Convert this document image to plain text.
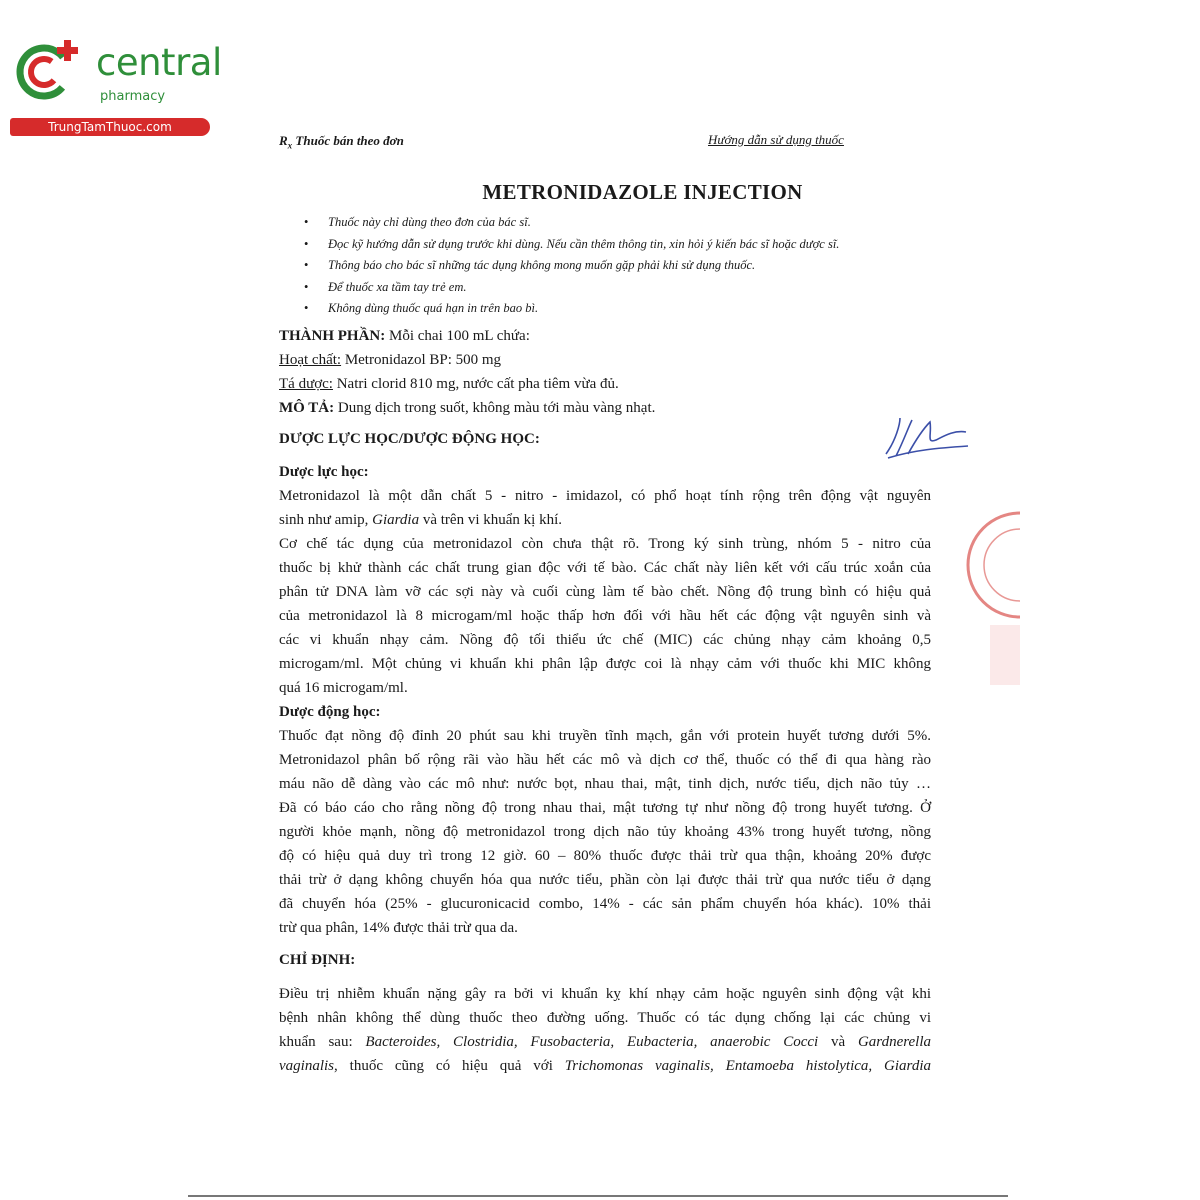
central
pharmacy
TrungTamThuoc.com
$R_x$ Thuốc bán theo đơn	Hướng dẫn sử dụng thuốc
METRONIDAZOLE INJECTION
• Thuốc này chỉ dùng theo đơn của bác sĩ.
• Đọc kỹ hướng dẫn sử dụng trước khi dùng. Nếu cần thêm thông tin, xin hỏi ý kiến bác sĩ hoặc dược sĩ.
• Thông báo cho bác sĩ những tác dụng không mong muốn gặp phải khi sử dụng thuốc.
• Để thuốc xa tầm tay trẻ em.
• Không dùng thuốc quá hạn in trên bao bì.
THÀNH PHẦN: Mỗi chai 100 mL chứa:
Hoạt chất: Metronidazol BP: 500 mg
Tá dược: Natri clorid 810 mg, nước cất pha tiêm vừa đủ.
MÔ TẢ: Dung dịch trong suốt, không màu tới màu vàng nhạt.
DƯỢC LỰC HỌC/DƯỢC ĐỘNG HỌC:
Dược lực học:
Metronidazol là một dẫn chất 5 - nitro - imidazol, có phổ hoạt tính rộng trên động vật nguyên
sinh như amip, Giardia và trên vi khuẩn kị khí.
Cơ chế tác dụng của metronidazol còn chưa thật rõ. Trong ký sinh trùng, nhóm 5 - nitro của
thuốc bị khử thành các chất trung gian độc với tế bào. Các chất này liên kết với cấu trúc xoắn của
phân tử DNA làm vỡ các sợi này và cuối cùng làm tế bào chết. Nồng độ trung bình có hiệu quả
của metronidazol là 8 microgam/ml hoặc thấp hơn đối với hầu hết các động vật nguyên sinh và
các vi khuẩn nhạy cảm. Nồng độ tối thiểu ức chế (MIC) các chủng nhạy cảm khoảng 0,5
microgam/ml. Một chủng vi khuẩn khi phân lập được coi là nhạy cảm với thuốc khi MIC không
quá 16 microgam/ml.
Dược động học:
Thuốc đạt nồng độ đỉnh 20 phút sau khi truyền tĩnh mạch, gắn với protein huyết tương dưới 5%.
Metronidazol phân bố rộng rãi vào hầu hết các mô và dịch cơ thể, thuốc có thể đi qua hàng rào
máu não dễ dàng vào các mô như: nước bọt, nhau thai, mật, tinh dịch, nước tiểu, dịch não tủy …
Đã có báo cáo cho rằng nồng độ trong nhau thai, mật tương tự như nồng độ trong huyết tương. Ở
người khỏe mạnh, nồng độ metronidazol trong dịch não tủy khoảng 43% trong huyết tương, nồng
độ có hiệu quả duy trì trong 12 giờ. 60 – 80% thuốc được thải trừ qua thận, khoảng 20% được
thải trừ ở dạng không chuyển hóa qua nước tiểu, phần còn lại được thải trừ qua nước tiểu ở dạng
đã chuyển hóa (25% - glucuronicacid combo, 14% - các sản phẩm chuyển hóa khác). 10% thải
trừ qua phân, 14% được thải trừ qua da.
CHỈ ĐỊNH:
Điều trị nhiễm khuẩn nặng gây ra bởi vi khuẩn kỵ khí nhạy cảm hoặc nguyên sinh động vật khi
bệnh nhân không thể dùng thuốc theo đường uống. Thuốc có tác dụng chống lại các chủng vi
khuẩn sau: Bacteroides, Clostridia, Fusobacteria, Eubacteria, anaerobic Cocci và Gardnerella
vaginalis, thuốc cũng có hiệu quả với Trichomonas vaginalis, Entamoeba histolytica, Giardia
